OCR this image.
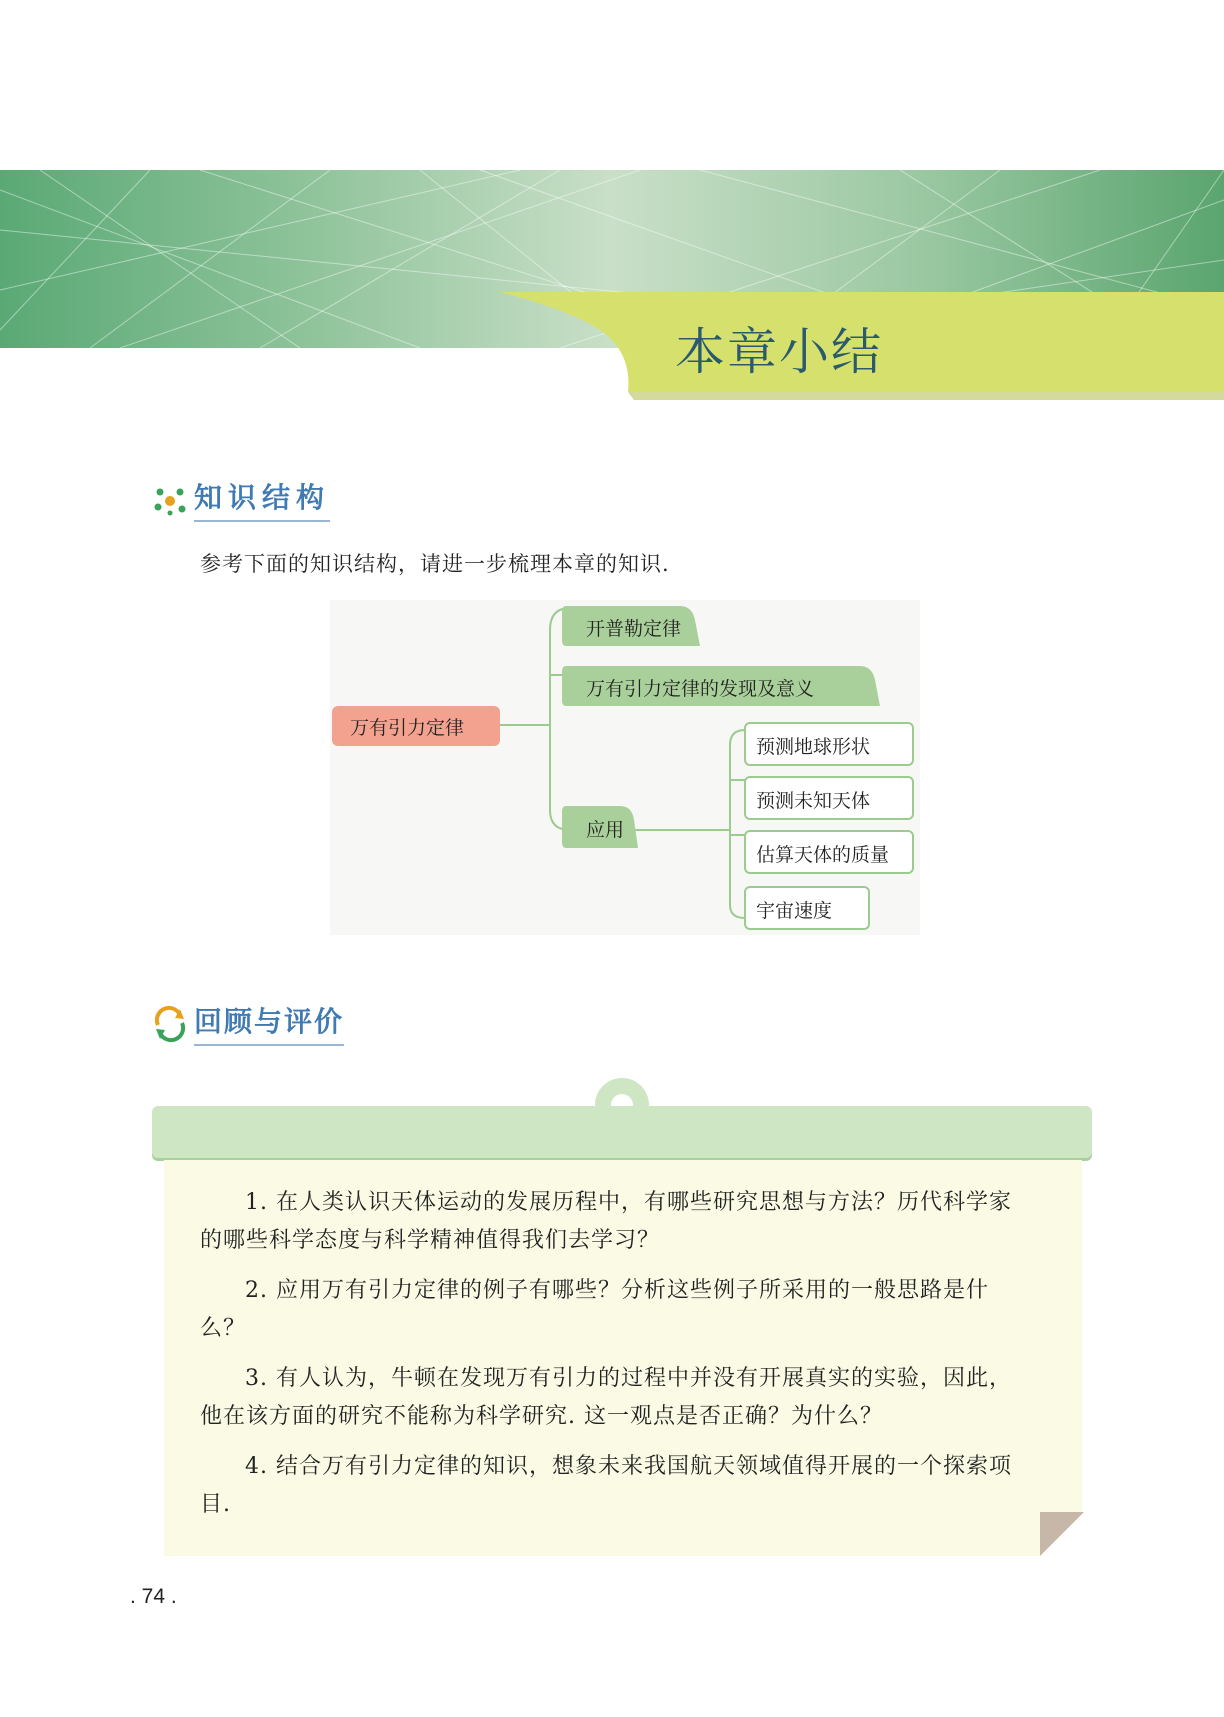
本章小结
知识结构
参考下面的知识结构，请进一步梳理本章的知识.
万有引力定律
开普勒定律
万有引力定律的发现及意义
应用
预测地球形状
预测未知天体
估算天体的质量
宇宙速度
回顾与评价
1. 在人类认识天体运动的发展历程中，有哪些研究思想与方法？历代科学家的哪些科学态度与科学精神值得我们去学习？
2. 应用万有引力定律的例子有哪些？分析这些例子所采用的一般思路是什么？
3. 有人认为，牛顿在发现万有引力的过程中并没有开展真实的实验，因此，他在该方面的研究不能称为科学研究. 这一观点是否正确？为什么？
4. 结合万有引力定律的知识，想象未来我国航天领域值得开展的一个探索项目.
. 74 .
